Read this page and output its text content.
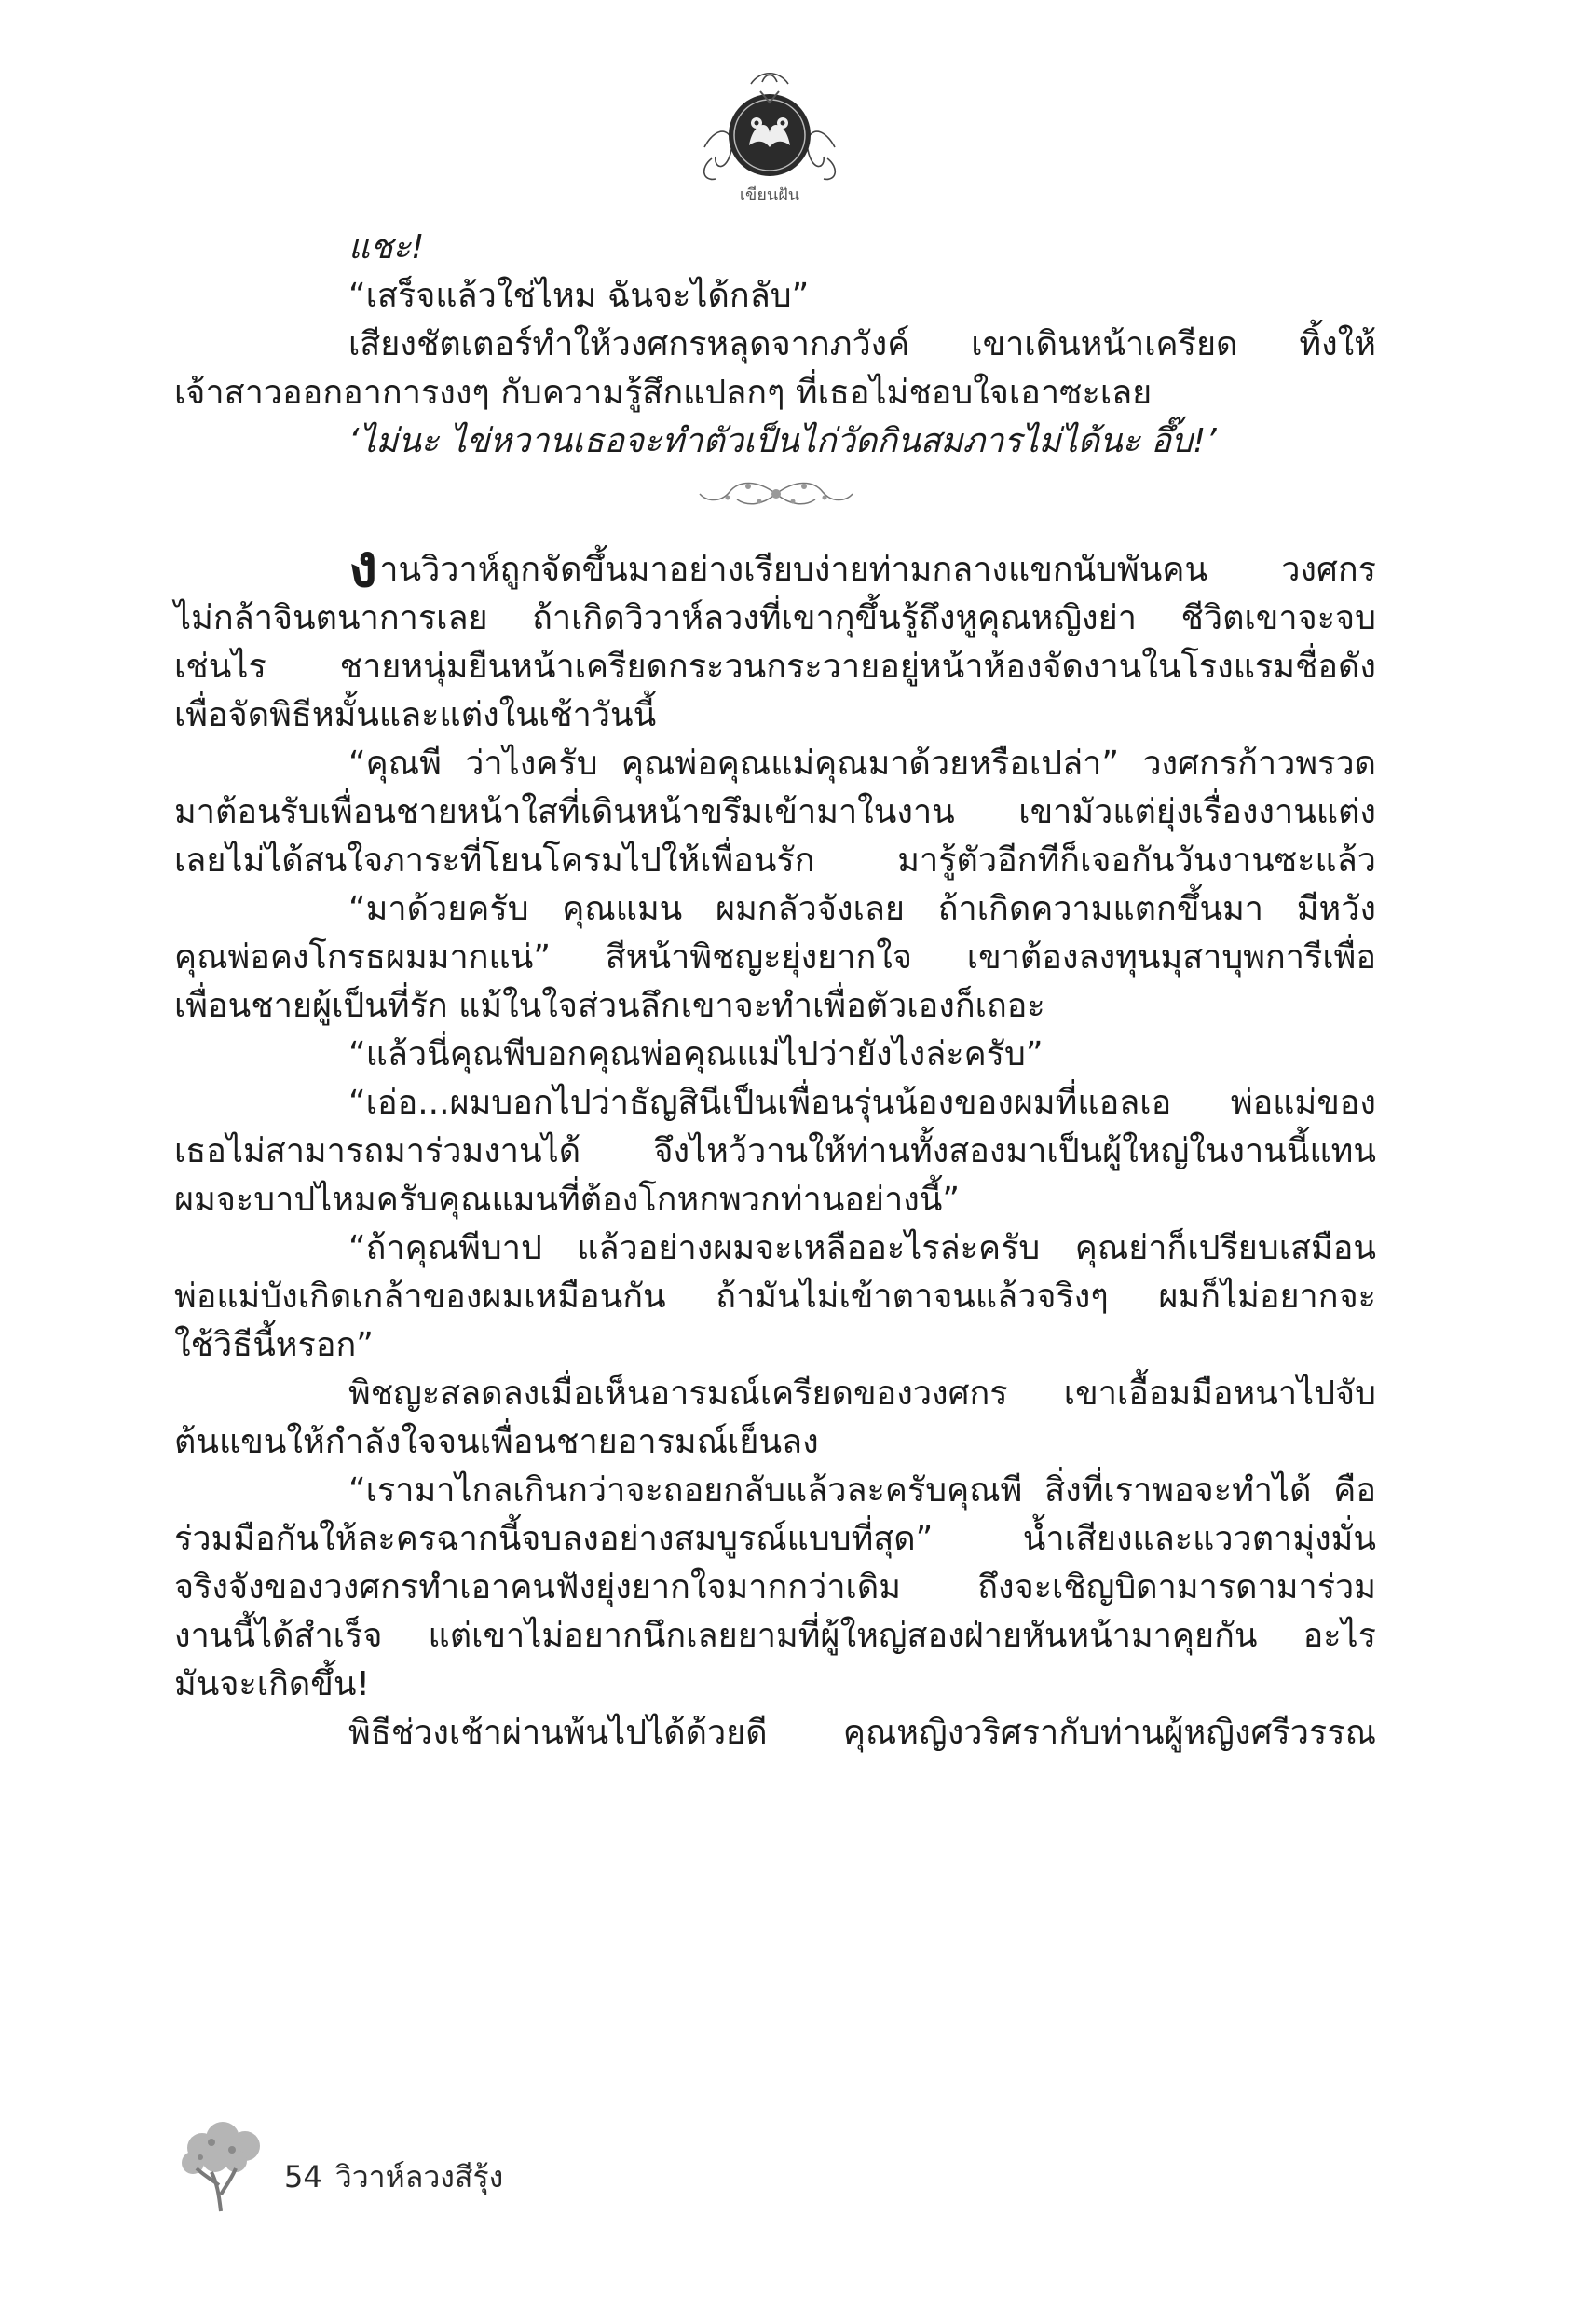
เขียนฝัน
แชะ!
“เสร็จแล้วใช่ไหม ฉันจะได้กลับ”
เสียงชัตเตอร์ทำให้วงศกรหลุดจากภวังค์ เขาเดินหน้าเครียด ทิ้งให้
เจ้าสาวออกอาการงงๆ กับความรู้สึกแปลกๆ ที่เธอไม่ชอบใจเอาซะเลย
‘ไม่นะ ไข่หวานเธอจะทำตัวเป็นไก่วัดกินสมภารไม่ได้นะ อึ๊บ!’
งานวิวาห์ถูกจัดขึ้นมาอย่างเรียบง่ายท่ามกลางแขกนับพันคน วงศกร
ไม่กล้าจินตนาการเลย ถ้าเกิดวิวาห์ลวงที่เขากุขึ้นรู้ถึงหูคุณหญิงย่า ชีวิตเขาจะจบ
เช่นไร ชายหนุ่มยืนหน้าเครียดกระวนกระวายอยู่หน้าห้องจัดงานในโรงแรมชื่อดัง
เพื่อจัดพิธีหมั้นและแต่งในเช้าวันนี้
“คุณพี ว่าไงครับ คุณพ่อคุณแม่คุณมาด้วยหรือเปล่า” วงศกรก้าวพรวด
มาต้อนรับเพื่อนชายหน้าใสที่เดินหน้าขรึมเข้ามาในงาน เขามัวแต่ยุ่งเรื่องงานแต่ง
เลยไม่ได้สนใจภาระที่โยนโครมไปให้เพื่อนรัก มารู้ตัวอีกทีก็เจอกันวันงานซะแล้ว
“มาด้วยครับ คุณแมน ผมกลัวจังเลย ถ้าเกิดความแตกขึ้นมา มีหวัง
คุณพ่อคงโกรธผมมากแน่” สีหน้าพิชญะยุ่งยากใจ เขาต้องลงทุนมุสาบุพการีเพื่อ
เพื่อนชายผู้เป็นที่รัก แม้ในใจส่วนลึกเขาจะทำเพื่อตัวเองก็เถอะ
“แล้วนี่คุณพีบอกคุณพ่อคุณแม่ไปว่ายังไงล่ะครับ”
“เอ่อ...ผมบอกไปว่าธัญสินีเป็นเพื่อนรุ่นน้องของผมที่แอลเอ พ่อแม่ของ
เธอไม่สามารถมาร่วมงานได้ จึงไหว้วานให้ท่านทั้งสองมาเป็นผู้ใหญ่ในงานนี้แทน
ผมจะบาปไหมครับคุณแมนที่ต้องโกหกพวกท่านอย่างนี้”
“ถ้าคุณพีบาป แล้วอย่างผมจะเหลืออะไรล่ะครับ คุณย่าก็เปรียบเสมือน
พ่อแม่บังเกิดเกล้าของผมเหมือนกัน ถ้ามันไม่เข้าตาจนแล้วจริงๆ ผมก็ไม่อยากจะ
ใช้วิธีนี้หรอก”
พิชญะสลดลงเมื่อเห็นอารมณ์เครียดของวงศกร เขาเอื้อมมือหนาไปจับ
ต้นแขนให้กำลังใจจนเพื่อนชายอารมณ์เย็นลง
“เรามาไกลเกินกว่าจะถอยกลับแล้วละครับคุณพี สิ่งที่เราพอจะทำได้ คือ
ร่วมมือกันให้ละครฉากนี้จบลงอย่างสมบูรณ์แบบที่สุด” น้ำเสียงและแววตามุ่งมั่น
จริงจังของวงศกรทำเอาคนฟังยุ่งยากใจมากกว่าเดิม ถึงจะเชิญบิดามารดามาร่วม
งานนี้ได้สำเร็จ แต่เขาไม่อยากนึกเลยยามที่ผู้ใหญ่สองฝ่ายหันหน้ามาคุยกัน อะไร
มันจะเกิดขึ้น!
พิธีช่วงเช้าผ่านพ้นไปได้ด้วยดี คุณหญิงวริศรากับท่านผู้หญิงศรีวรรณ
54 วิวาห์ลวงสีรุ้ง
